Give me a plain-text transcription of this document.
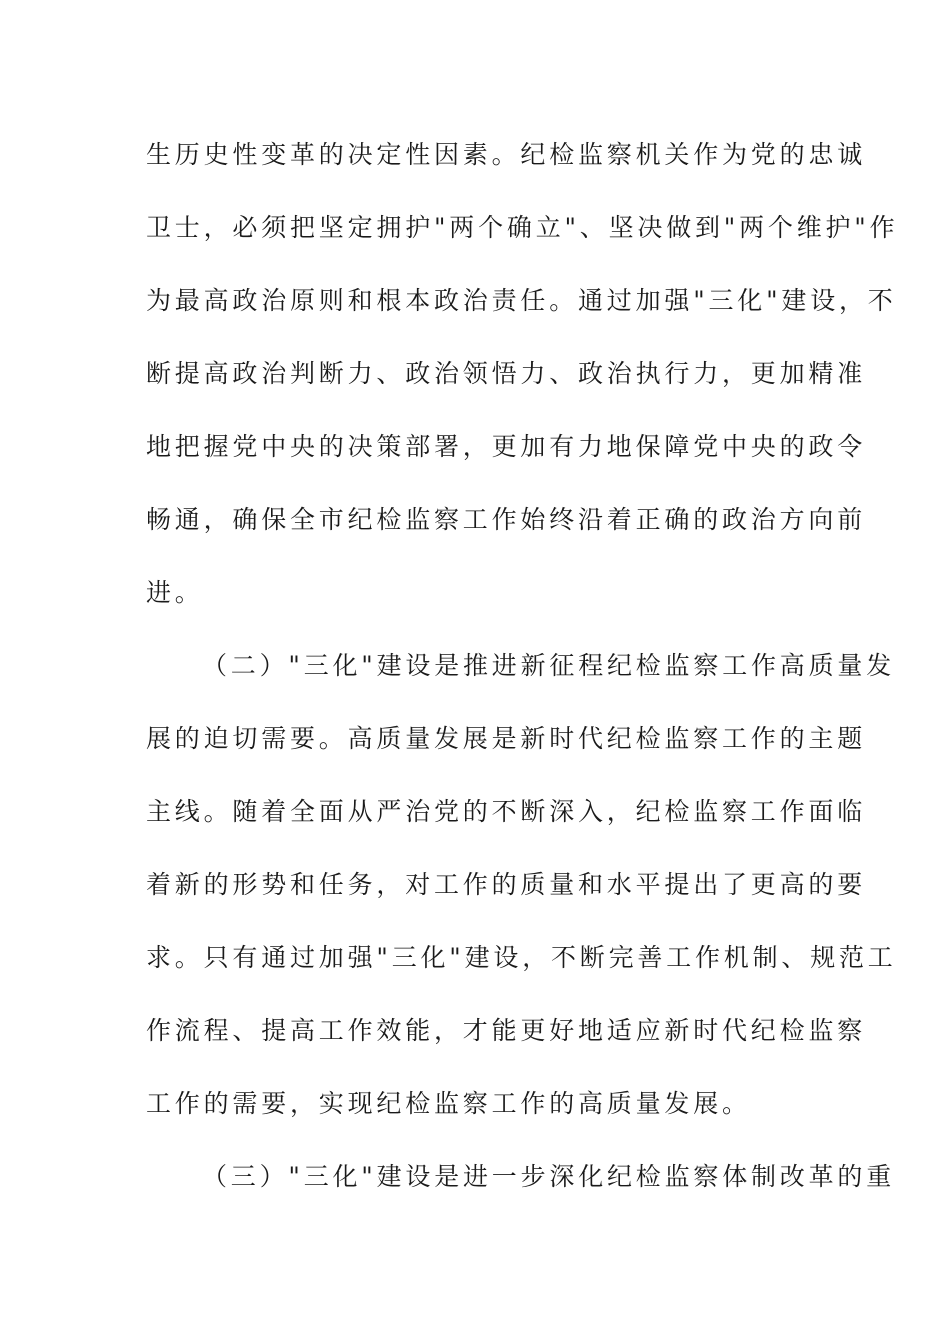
生历史性变革的决定性因素。纪检监察机关作为党的忠诚
卫士，必须把坚定拥护"两个确立"、坚决做到"两个维护"作
为最高政治原则和根本政治责任。通过加强"三化"建设，不
断提高政治判断力、政治领悟力、政治执行力，更加精准
地把握党中央的决策部署，更加有力地保障党中央的政令
畅通，确保全市纪检监察工作始终沿着正确的政治方向前
进。
（二）"三化"建设是推进新征程纪检监察工作高质量发
展的迫切需要。高质量发展是新时代纪检监察工作的主题
主线。随着全面从严治党的不断深入，纪检监察工作面临
着新的形势和任务，对工作的质量和水平提出了更高的要
求。只有通过加强"三化"建设，不断完善工作机制、规范工
作流程、提高工作效能，才能更好地适应新时代纪检监察
工作的需要，实现纪检监察工作的高质量发展。
（三）"三化"建设是进一步深化纪检监察体制改革的重
